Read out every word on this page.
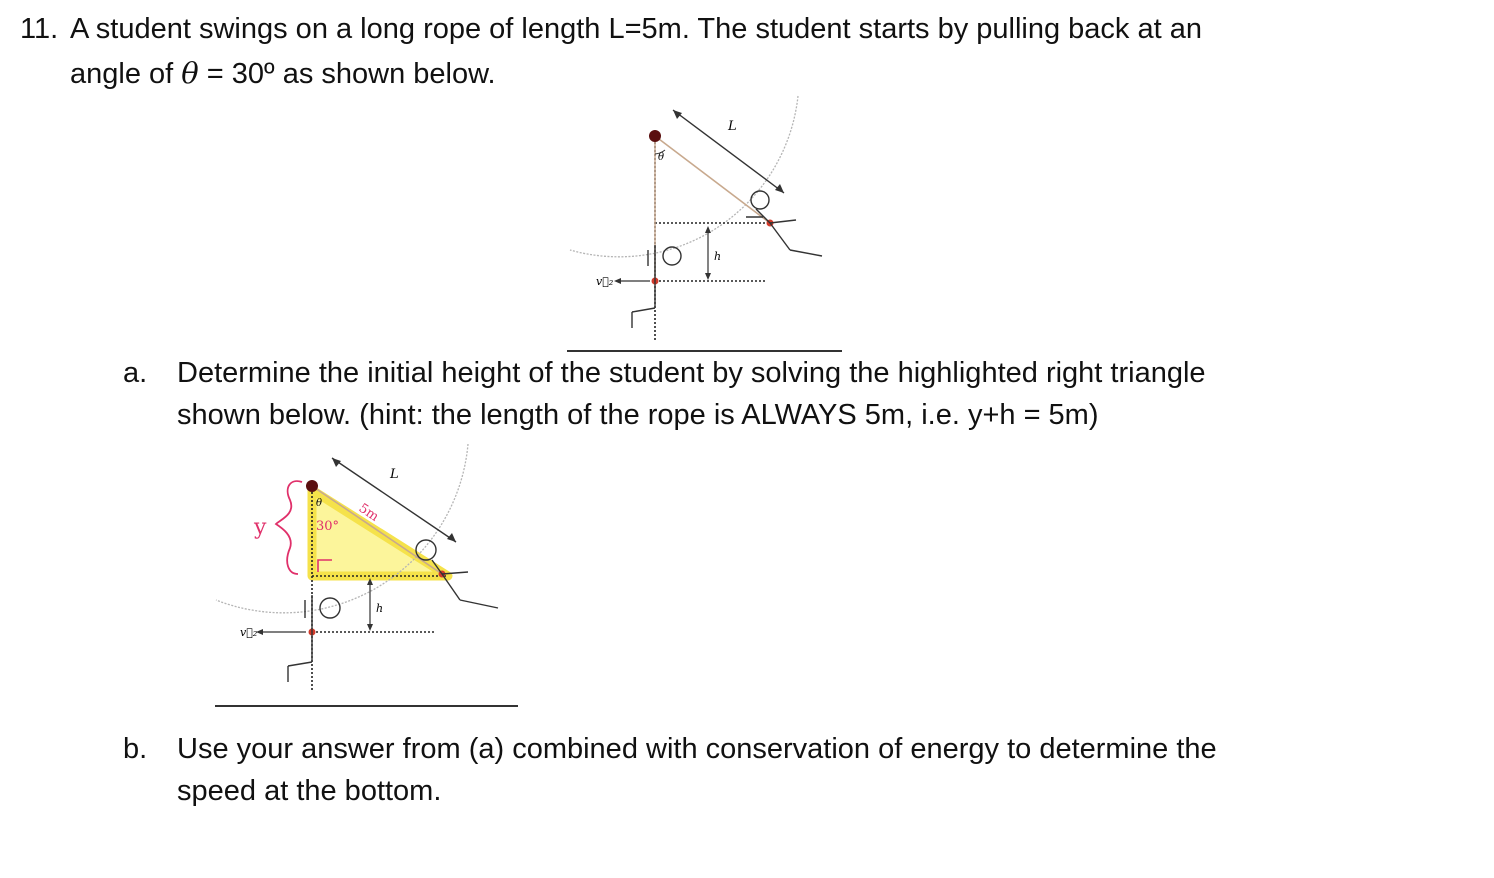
11. A student swings on a long rope of length L=5m. The student starts by pulling back at an
angle of θ = 30º as shown below.
L
θ
h
v⃗₂
a. Determine the initial height of the student by solving the highlighted right triangle
shown below. (hint: the length of the rope is ALWAYS 5m, i.e. y+h = 5m)
L
θ
h
v⃗₂
y	30°
5m
b. Use your answer from (a) combined with conservation of energy to determine the
speed at the bottom.
